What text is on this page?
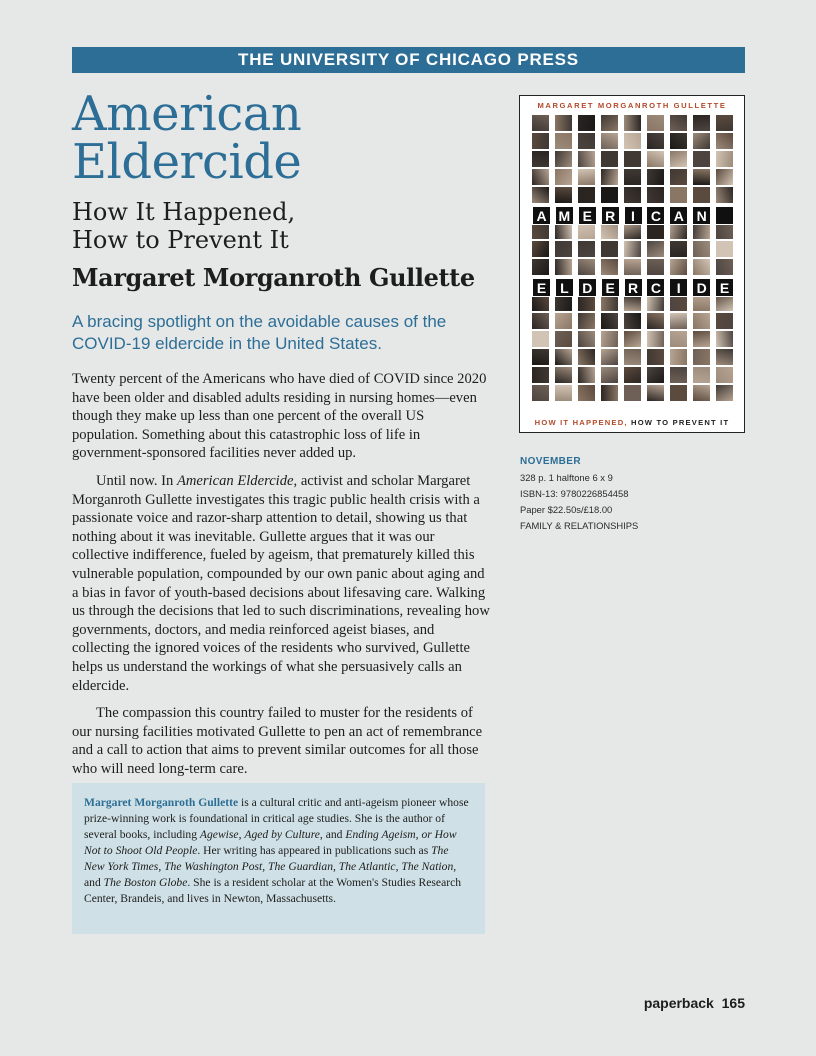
THE UNIVERSITY OF CHICAGO PRESS
American
Eldercide
How It Happened,
How to Prevent It
Margaret Morganroth Gullette
A bracing spotlight on the avoidable causes of the COVID-19 eldercide in the United States.

Twenty percent of the Americans who have died of COVID since 2020 have been older and disabled adults residing in nursing homes—even though they make up less than one percent of the overall US population. Something about this catastrophic loss of life in government-sponsored facilities never added up.

Until now. In American Eldercide, activist and scholar Margaret Morganroth Gullette investigates this tragic public health crisis with a passionate voice and razor-sharp attention to detail, showing us that nothing about it was inevitable. Gullette argues that it was our collective indifference, fueled by ageism, that prematurely killed this vulnerable population, compounded by our own panic about aging and a bias in favor of youth-based decisions about lifesaving care. Walking us through the decisions that led to such discriminations, revealing how governments, doctors, and media reinforced ageist biases, and collecting the ignored voices of the residents who survived, Gullette helps us understand the workings of what she persuasively calls an eldercide.

The compassion this country failed to muster for the residents of our nursing facilities motivated Gullette to pen an act of remembrance and a call to action that aims to prevent similar outcomes for all those who will need long-term care.

Margaret Morganroth Gullette is a cultural critic and anti-ageism pioneer whose prize-winning work is foundational in critical age studies. She is the author of several books, including Agewise, Aged by Culture, and Ending Ageism, or How Not to Shoot Old People. Her writing has appeared in publications such as The New York Times, The Washington Post, The Guardian, The Atlantic, The Nation, and The Boston Globe. She is a resident scholar at the Women's Studies Research Center, Brandeis, and lives in Newton, Massachusetts.
MARGARET MORGANROTH GULLETTE
A M E R	I	C A N
E L D E R C	I	D E
HOW IT HAPPENED, HOW TO PREVENT IT
NOVEMBER
328 p. 1 halftone 6 x 9
ISBN-13: 9780226854458
Paper $22.50s/£18.00
FAMILY & RELATIONSHIPS
paperback 165
